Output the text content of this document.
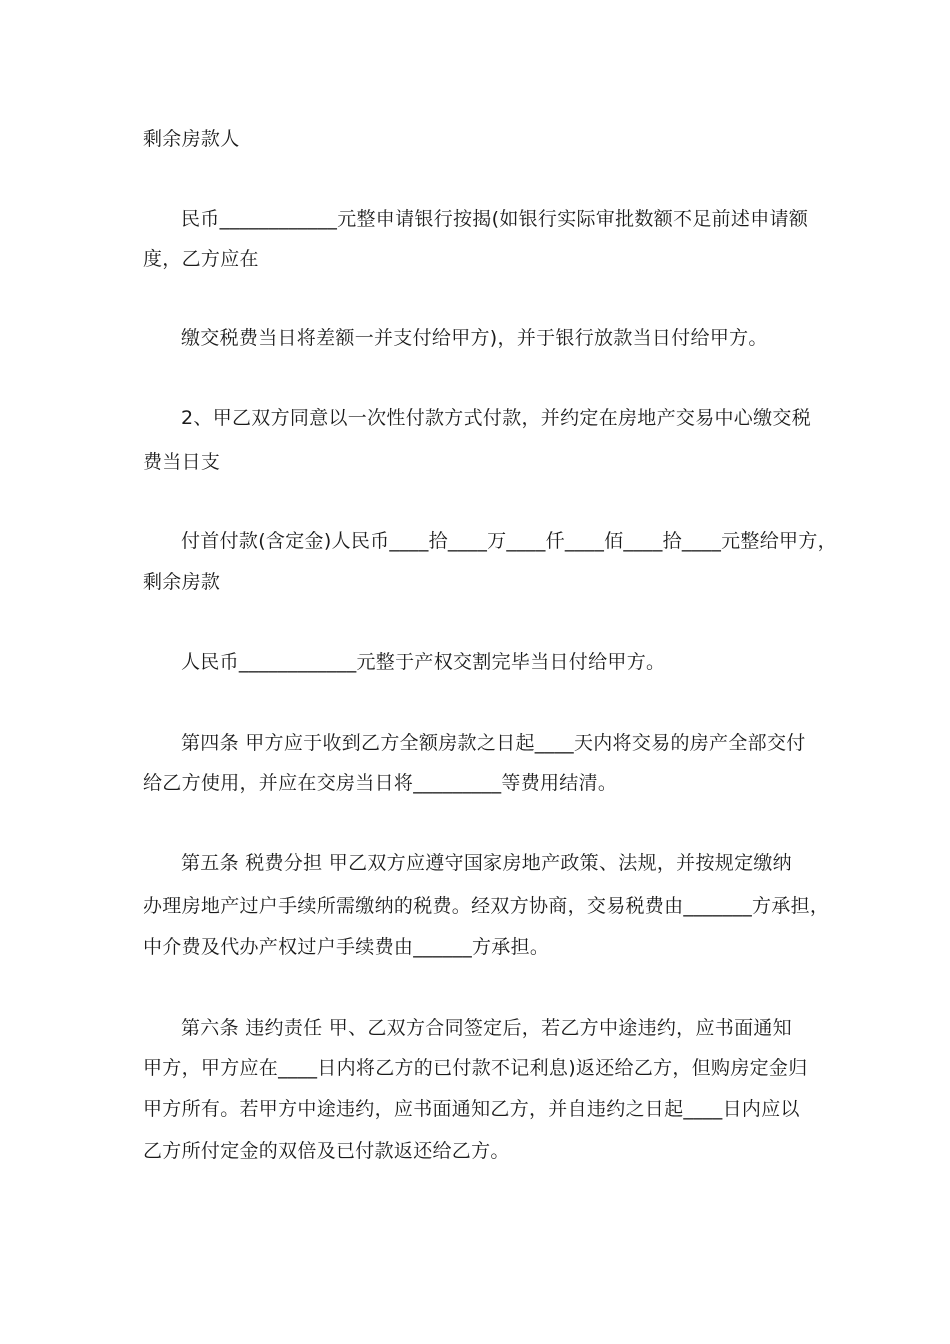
剩余房款人
民币____________元整申请银行按揭(如银行实际审批数额不足前述申请额
度，乙方应在
缴交税费当日将差额一并支付给甲方)，并于银行放款当日付给甲方。
2、甲乙双方同意以一次性付款方式付款，并约定在房地产交易中心缴交税
费当日支
付首付款(含定金)人民币____拾____万____仟____佰____拾____元整给甲方，
剩余房款
人民币____________元整于产权交割完毕当日付给甲方。
第四条 甲方应于收到乙方全额房款之日起____天内将交易的房产全部交付
给乙方使用，并应在交房当日将_________等费用结清。
第五条 税费分担 甲乙双方应遵守国家房地产政策、法规，并按规定缴纳
办理房地产过户手续所需缴纳的税费。经双方协商，交易税费由_______方承担，
中介费及代办产权过户手续费由______方承担。
第六条 违约责任 甲、乙双方合同签定后，若乙方中途违约，应书面通知
甲方，甲方应在____日内将乙方的已付款不记利息)返还给乙方，但购房定金归
甲方所有。若甲方中途违约，应书面通知乙方，并自违约之日起____日内应以
乙方所付定金的双倍及已付款返还给乙方。
